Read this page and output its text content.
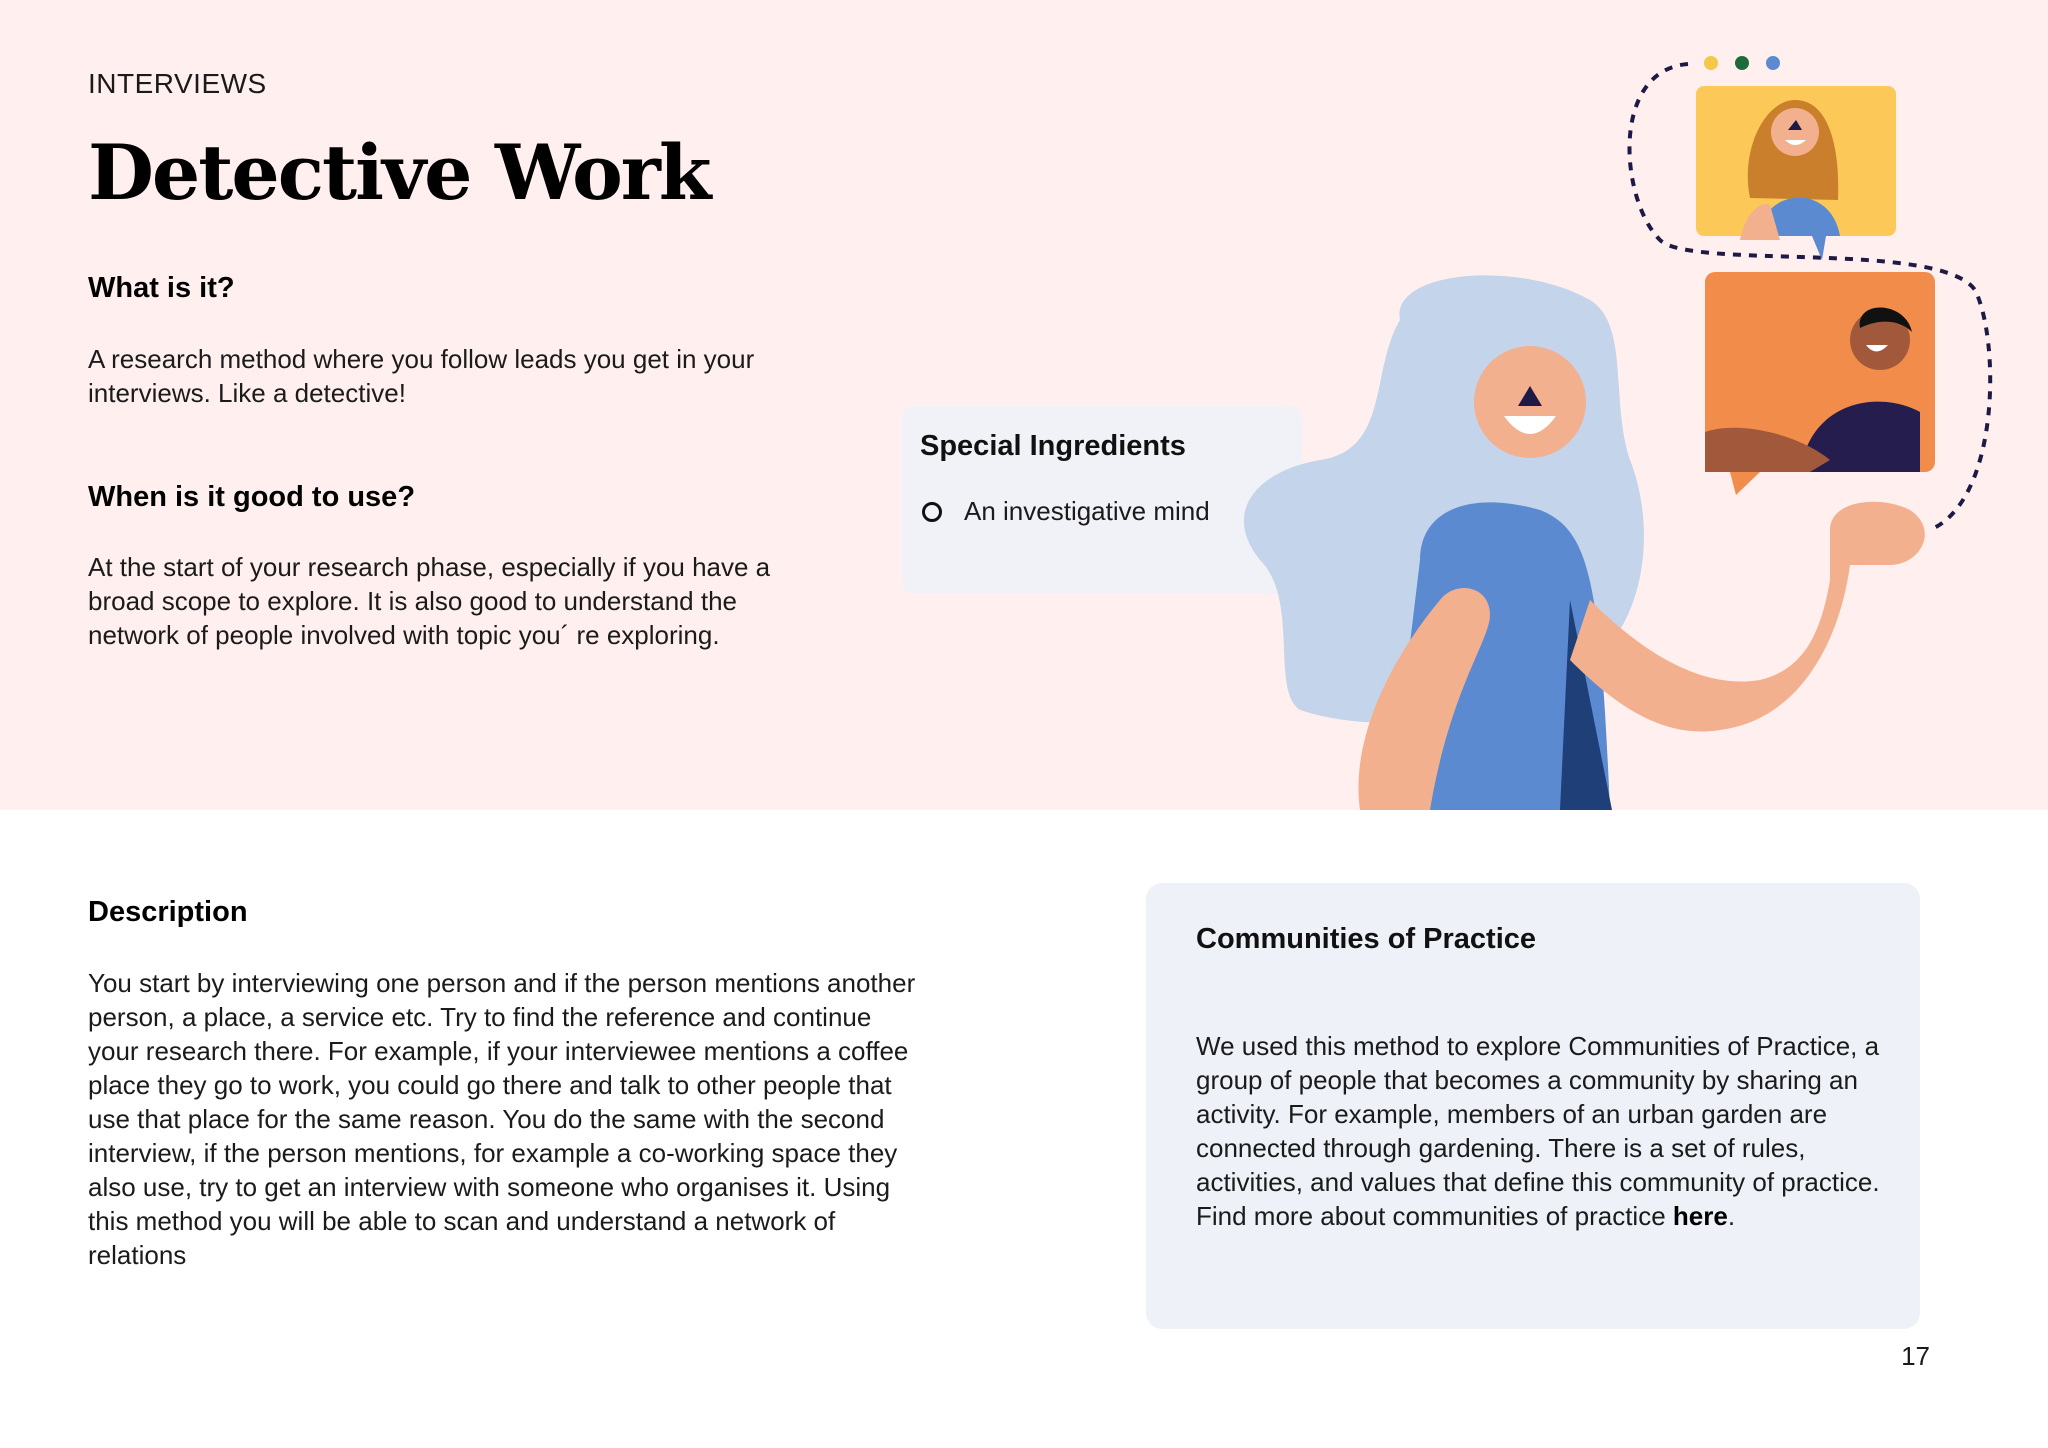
INTERVIEWS
Detective Work
What is it?

A research method where you follow leads you get in your interviews. Like a detective!

When is it good to use?

At the start of your research phase, especially if you have a broad scope to explore. It is also good to understand the network of people involved with topic you´ re exploring.

Special Ingredients
An investigative mind
Description

You start by interviewing one person and if the person mentions another person, a place, a service etc. Try to find the reference and continue your research there. For example, if your interviewee mentions a coffee place they go to work, you could go there and talk to other people that use that place for the same reason. You do the same with the second interview, if the person mentions, for example a co-working space they also use, try to get an interview with someone who organises it. Using this method you will be able to scan and understand a network of relations

Communities of Practice

We used this method to explore Communities of Practice, a group of people that becomes a community by sharing an activity. For example, members of an urban garden are connected through gardening. There is a set of rules, activities, and values that define this community of practice. Find more about communities of practice here.

17
